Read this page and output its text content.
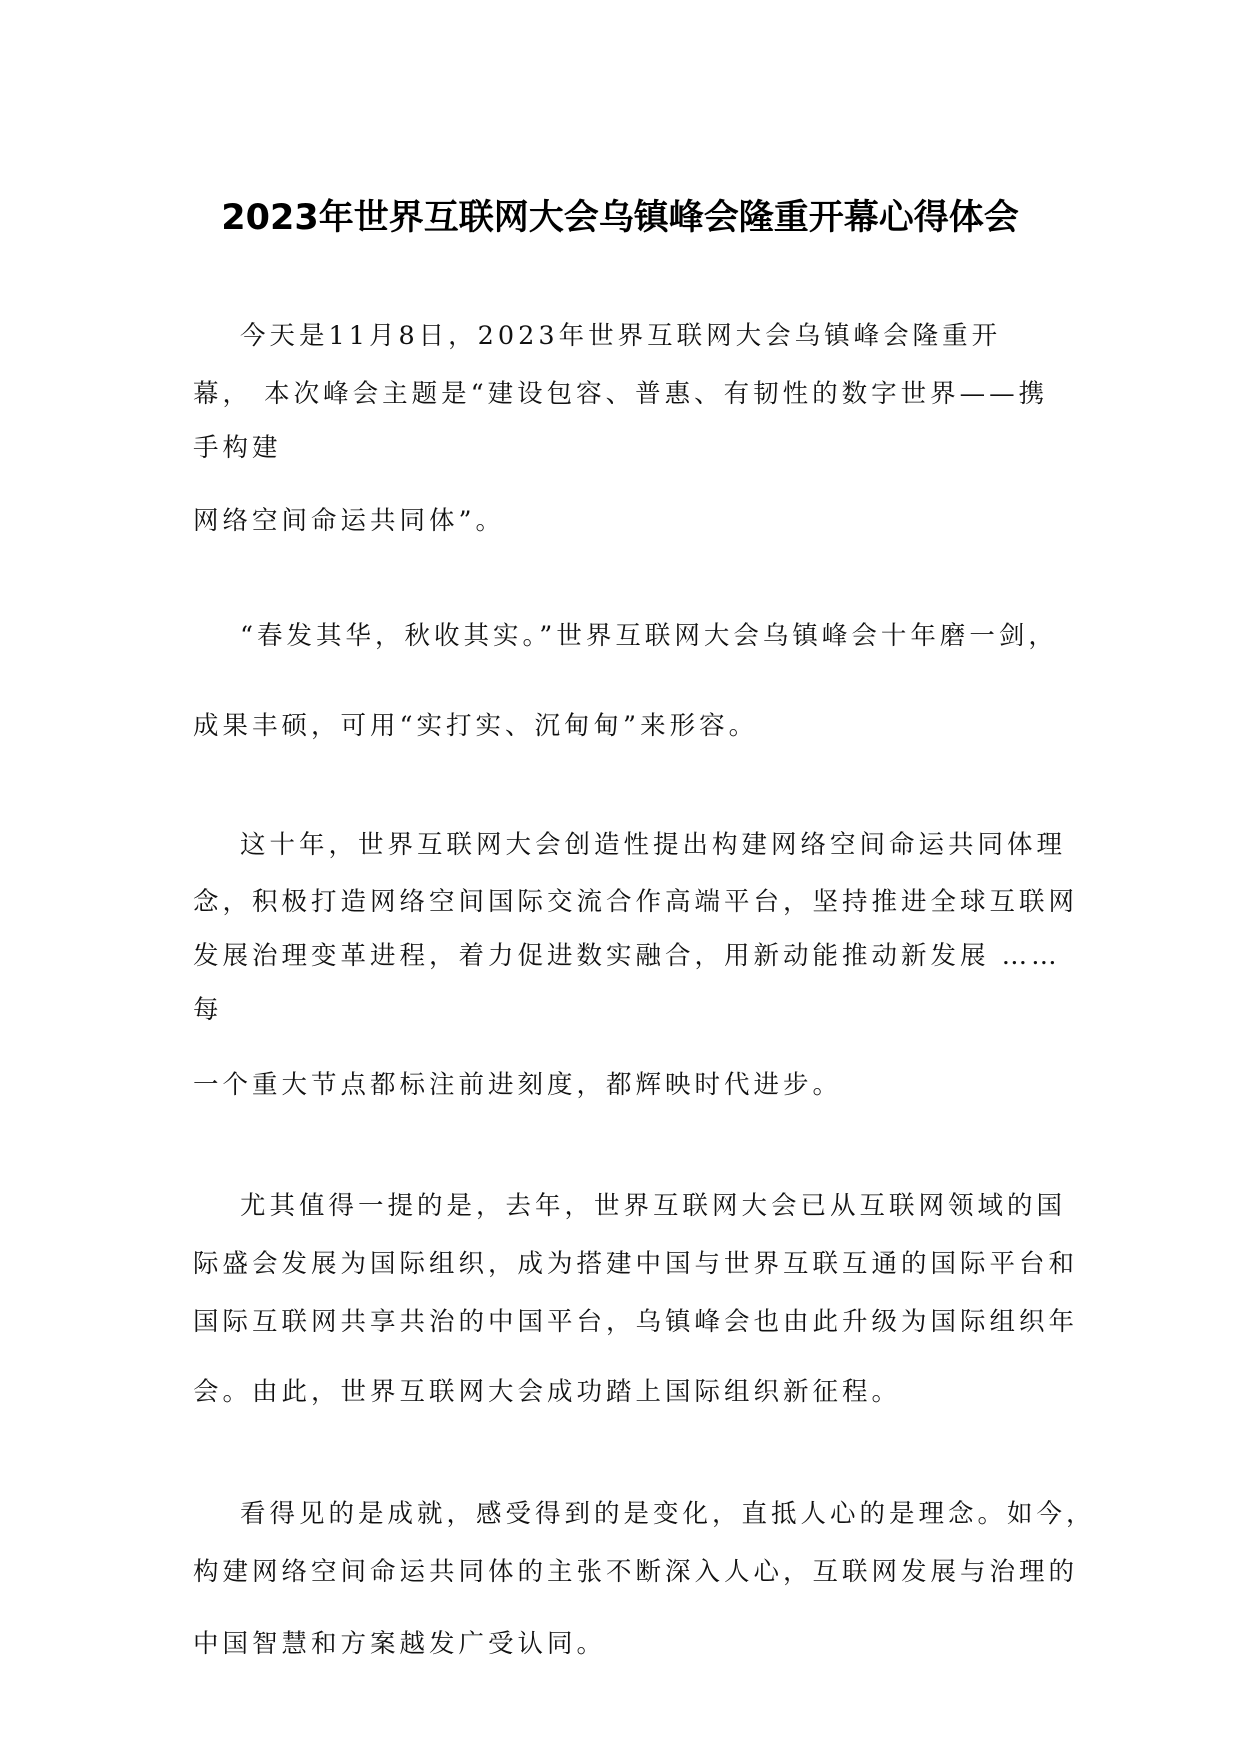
2023年世界互联网大会乌镇峰会隆重开幕心得体会
今天是11月8日，2023年世界互联网大会乌镇峰会隆重开
幕， 本次峰会主题是“建设包容、普惠、有韧性的数字世界——携
手构建
网络空间命运共同体”。
“春发其华，秋收其实。”世界互联网大会乌镇峰会十年磨一剑，
成果丰硕，可用“实打实、沉甸甸”来形容。
这十年，世界互联网大会创造性提出构建网络空间命运共同体理
念，积极打造网络空间国际交流合作高端平台，坚持推进全球互联网
发展治理变革进程，着力促进数实融合，用新动能推动新发展 ……
每
一个重大节点都标注前进刻度，都辉映时代进步。
尤其值得一提的是，去年，世界互联网大会已从互联网领域的国
际盛会发展为国际组织，成为搭建中国与世界互联互通的国际平台和
国际互联网共享共治的中国平台，乌镇峰会也由此升级为国际组织年
会。由此，世界互联网大会成功踏上国际组织新征程。
看得见的是成就，感受得到的是变化，直抵人心的是理念。如今，
构建网络空间命运共同体的主张不断深入人心，互联网发展与治理的
中国智慧和方案越发广受认同。
